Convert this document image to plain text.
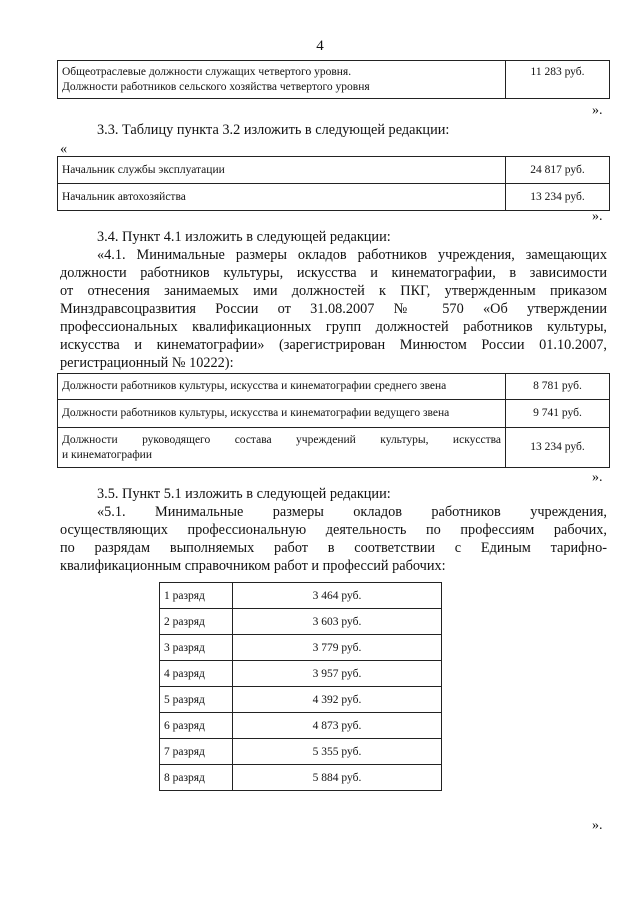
4
Общеотраслевые должности служащих четвертого уровня.
Должности работников сельского хозяйства четвертого уровня
	11 283 руб.
».
3.3. Таблицу пункта 3.2 изложить в следующей редакции:
«
Начальник службы эксплуатации	24 817 руб.
Начальник автохозяйства	13 234 руб.
».
3.4. Пункт 4.1 изложить в следующей редакции:
«4.1. Минимальные размеры окладов работников учреждения, замещающих
должности работников культуры, искусства и кинематографии, в зависимости
от отнесения занимаемых ими должностей к ПКГ, утвержденным приказом
Минздравсоцразвития России от 31.08.2007 № 570 «Об утверждении
профессиональных квалификационных групп должностей работников культуры,
искусства и кинематографии» (зарегистрирован Минюстом России 01.10.2007,
регистрационный № 10222):
Должности работников культуры, искусства и кинематографии среднего звена	8 781 руб.
Должности работников культуры, искусства и кинематографии ведущего звена	9 741 руб.

Должности руководящего состава учреждений культуры, искусства
и кинематографии	13 234 руб.
».
3.5. Пункт 5.1 изложить в следующей редакции:
«5.1. Минимальные размеры окладов работников учреждения,
осуществляющих профессиональную деятельность по профессиям рабочих,
по разрядам выполняемых работ в соответствии с Единым тарифно-
квалификационным справочником работ и профессий рабочих:
1 разряд	3 464 руб.
2 разряд	3 603 руб.
3 разряд	3 779 руб.
4 разряд	3 957 руб.
5 разряд	4 392 руб.
6 разряд	4 873 руб.
7 разряд	5 355 руб.
8 разряд	5 884 руб.
».
